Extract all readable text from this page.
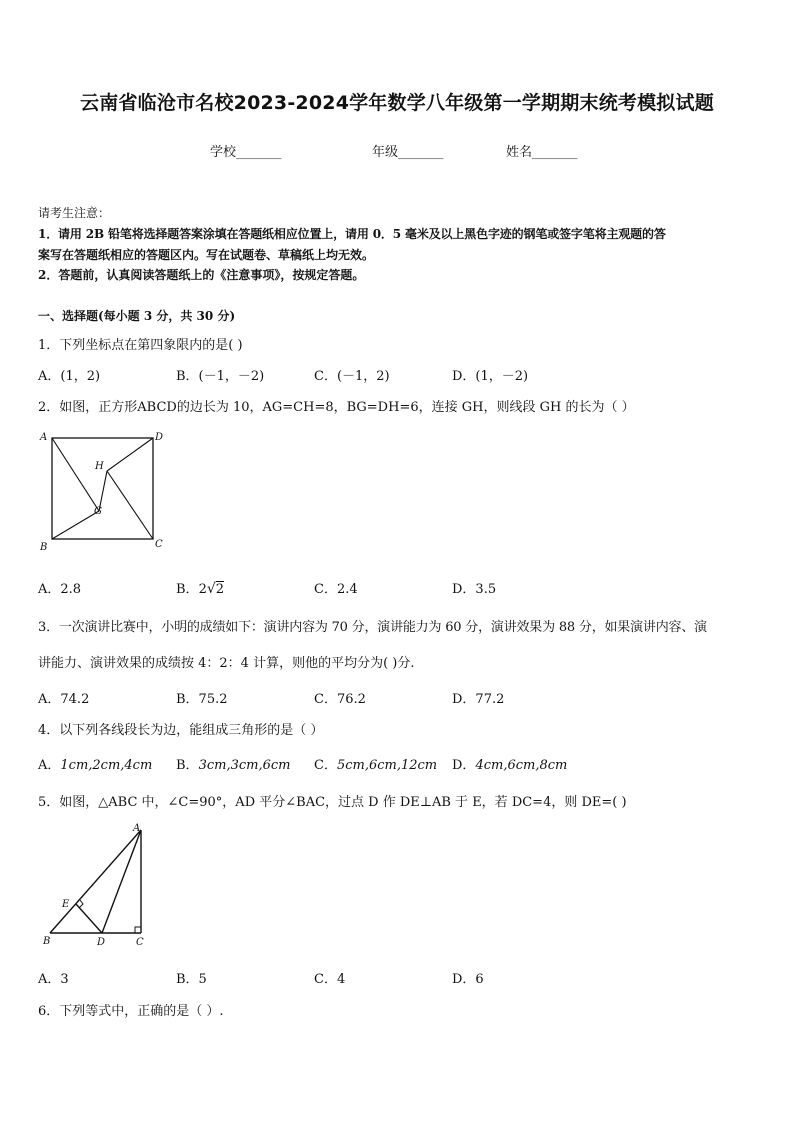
云南省临沧市名校2023-2024学年数学八年级第一学期期末统考模拟试题
学校_______	年级_______	姓名_______
请考生注意：
1．请用 2B 铅笔将选择题答案涂填在答题纸相应位置上，请用 0．5 毫米及以上黑色字迹的钢笔或签字笔将主观题的答
案写在答题纸相应的答题区内。写在试题卷、草稿纸上均无效。
2．答题前，认真阅读答题纸上的《注意事项》，按规定答题。
一、选择题(每小题 3 分，共 30 分)
1．下列坐标点在第四象限内的是( )
A．(1，2)	B．(－1，－2)	C．(－1，2)	D．(1，－2)
2．如图，正方形ABCD的边长为 10，AG=CH=8，BG=DH=6，连接 GH，则线段 GH 的长为（ ）
A	D
B	C
H
G
A．2.8	B．2√2	C．2.4	D．3.5
3．一次演讲比赛中，小明的成绩如下：演讲内容为 70 分，演讲能力为 60 分，演讲效果为 88 分，如果演讲内容、演
讲能力、演讲效果的成绩按 4：2：4 计算，则他的平均分为( )分.
A．74.2	B．75.2	C．76.2	D．77.2
4．以下列各线段长为边，能组成三角形的是（ ）
A．1cm,2cm,4cm B．3cm,3cm,6cm C．5cm,6cm,12cm D．4cm,6cm,8cm
5．如图，△ABC 中，∠C=90°，AD 平分∠BAC，过点 D 作 DE⊥AB 于 E，若 DC=4，则 DE=( )
A
E
B	D	C
A．3	B．5	C．4	D．6
6．下列等式中，正确的是（ ）.
